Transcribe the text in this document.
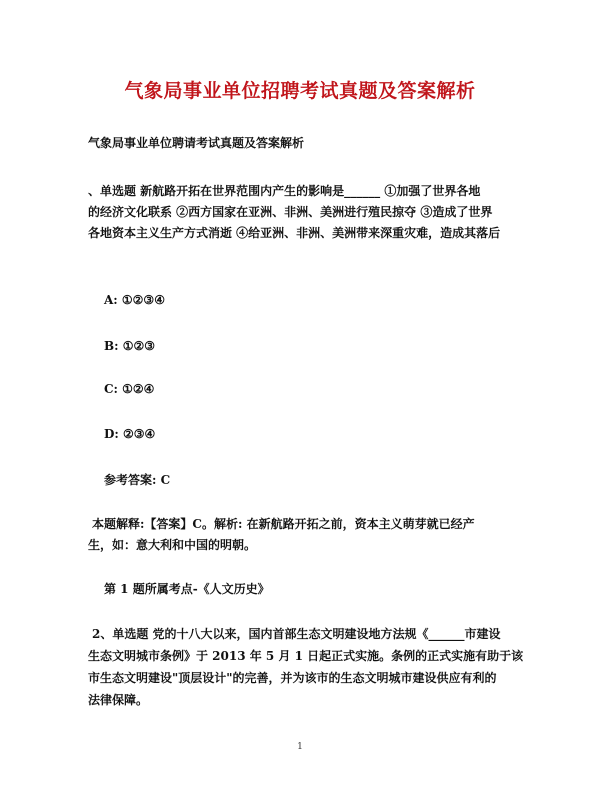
气象局事业单位招聘考试真题及答案解析
气象局事业单位聘请考试真题及答案解析
、单选题 新航路开拓在世界范围内产生的影响是______ ①加强了世界各地
的经济文化联系 ②西方国家在亚洲、非洲、美洲进行殖民掠夺 ③造成了世界
各地资本主义生产方式消逝 ④给亚洲、非洲、美洲带来深重灾难，造成其落后
A: ①②③④
B: ①②③
C: ①②④
D: ②③④
参考答案: C
本题解释:【答案】C。解析: 在新航路开拓之前，资本主义萌芽就已经产
生，如：意大利和中国的明朝。
第 1 题所属考点-《人文历史》
2、单选题 党的十八大以来，国内首部生态文明建设地方法规《______市建设
生态文明城市条例》于 2013 年 5 月 1 日起正式实施。条例的正式实施有助于该
市生态文明建设"顶层设计"的完善，并为该市的生态文明城市建设供应有利的
法律保障。
1
